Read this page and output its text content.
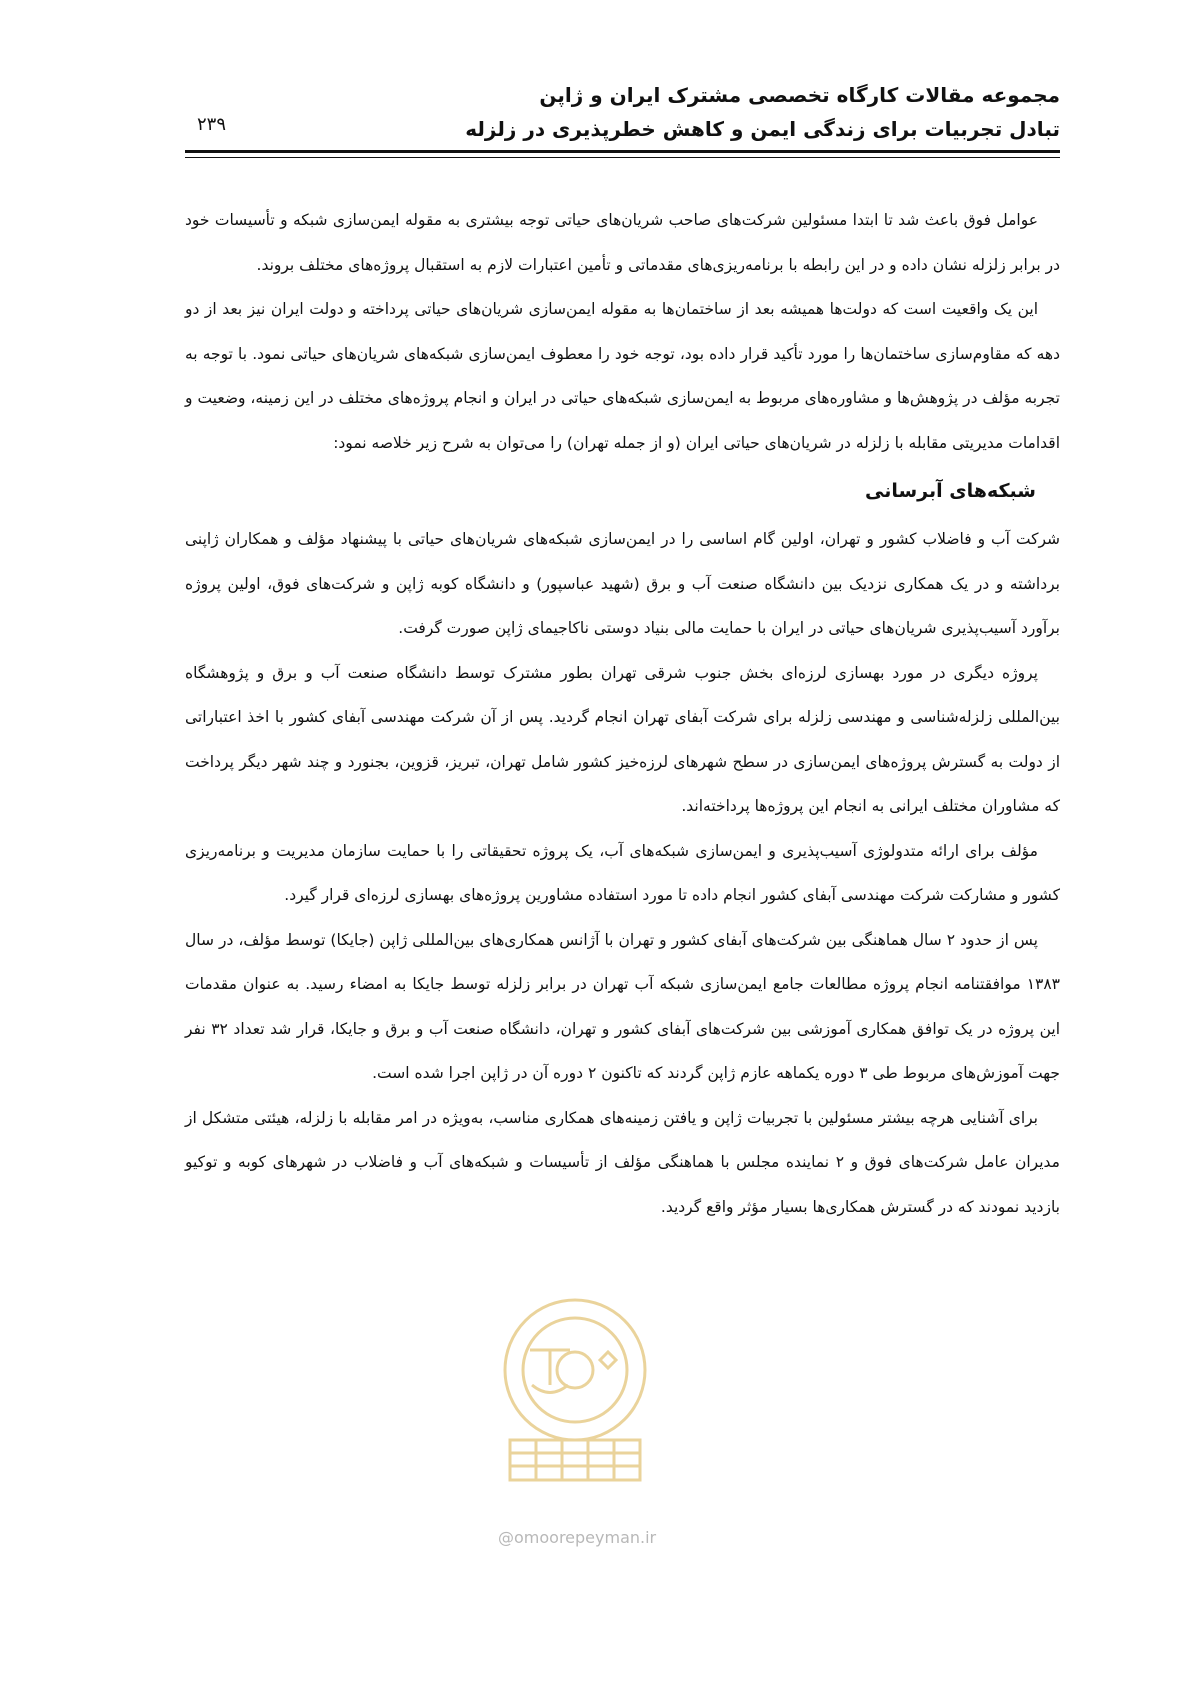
مجموعه مقالات کارگاه تخصصی مشترک ایران و ژاپن
تبادل تجربیات برای زندگی ایمن و کاهش خطرپذیری در زلزله
۲۳۹

عوامل فوق باعث شد تا ابتدا مسئولین شرکت‌های صاحب شریان‌های حیاتی توجه بیشتری به مقوله ایمن‌سازی شبکه و تأسیسات خود در برابر زلزله نشان داده و در این رابطه با برنامه‌ریزی‌های مقدماتی و تأمین اعتبارات لازم به استقبال پروژه‌های مختلف بروند.

این یک واقعیت است که دولت‌ها همیشه بعد از ساختمان‌ها به مقوله ایمن‌سازی شریان‌های حیاتی پرداخته و دولت ایران نیز بعد از دو دهه که مقاوم‌سازی ساختمان‌ها را مورد تأکید قرار داده بود، توجه خود را معطوف ایمن‌سازی شبکه‌های شریان‌های حیاتی نمود. با توجه به تجربه مؤلف در پژوهش‌ها و مشاوره‌های مربوط به ایمن‌سازی شبکه‌های حیاتی در ایران و انجام پروژه‌های مختلف در این زمینه، وضعیت و اقدامات مدیریتی مقابله با زلزله در شریان‌های حیاتی ایران (و از جمله تهران) را می‌توان به شرح زیر خلاصه نمود:

شبکه‌های آبرسانی

شرکت آب و فاضلاب کشور و تهران، اولین گام اساسی را در ایمن‌سازی شبکه‌های شریان‌های حیاتی با پیشنهاد مؤلف و همکاران ژاپنی برداشته و در یک همکاری نزدیک بین دانشگاه صنعت آب و برق (شهید عباسپور) و دانشگاه کوبه ژاپن و شرکت‌های فوق، اولین پروژه برآورد آسیب‌پذیری شریان‌های حیاتی در ایران با حمایت مالی بنیاد دوستی ناکاجیمای ژاپن صورت گرفت.

پروژه دیگری در مورد بهسازی لرزه‌ای بخش جنوب شرقی تهران بطور مشترک توسط دانشگاه صنعت آب و برق و پژوهشگاه بین‌المللی زلزله‌شناسی و مهندسی زلزله برای شرکت آبفای تهران انجام گردید. پس از آن شرکت مهندسی آبفای کشور با اخذ اعتباراتی از دولت به گسترش پروژه‌های ایمن‌سازی در سطح شهرهای لرزه‌خیز کشور شامل تهران، تبریز، قزوین، بجنورد و چند شهر دیگر پرداخت که مشاوران مختلف ایرانی به انجام این پروژه‌ها پرداخته‌اند.

مؤلف برای ارائه متدولوژی آسیب‌پذیری و ایمن‌سازی شبکه‌های آب، یک پروژه تحقیقاتی را با حمایت سازمان مدیریت و برنامه‌ریزی کشور و مشارکت شرکت مهندسی آبفای کشور انجام داده تا مورد استفاده مشاورین پروژه‌های بهسازی لرزه‌ای قرار گیرد.

پس از حدود ۲ سال هماهنگی بین شرکت‌های آبفای کشور و تهران با آژانس همکاری‌های بین‌المللی ژاپن (جایکا) توسط مؤلف، در سال ۱۳۸۳ موافقتنامه انجام پروژه مطالعات جامع ایمن‌سازی شبکه آب تهران در برابر زلزله توسط جایکا به امضاء رسید. به عنوان مقدمات این پروژه در یک توافق همکاری آموزشی بین شرکت‌های آبفای کشور و تهران، دانشگاه صنعت آب و برق و جایکا، قرار شد تعداد ۳۲ نفر جهت آموزش‌های مربوط طی ۳ دوره یکماهه عازم ژاپن گردند که تاکنون ۲ دوره آن در ژاپن اجرا شده است.

برای آشنایی هرچه بیشتر مسئولین با تجربیات ژاپن و یافتن زمینه‌های همکاری مناسب، به‌ویژه در امر مقابله با زلزله، هیئتی متشکل از مدیران عامل شرکت‌های فوق و ۲ نماینده مجلس با هماهنگی مؤلف از تأسیسات و شبکه‌های آب و فاضلاب در شهرهای کوبه و توکیو بازدید نمودند که در گسترش همکاری‌ها بسیار مؤثر واقع گردید.

@omoorepeyman.ir
